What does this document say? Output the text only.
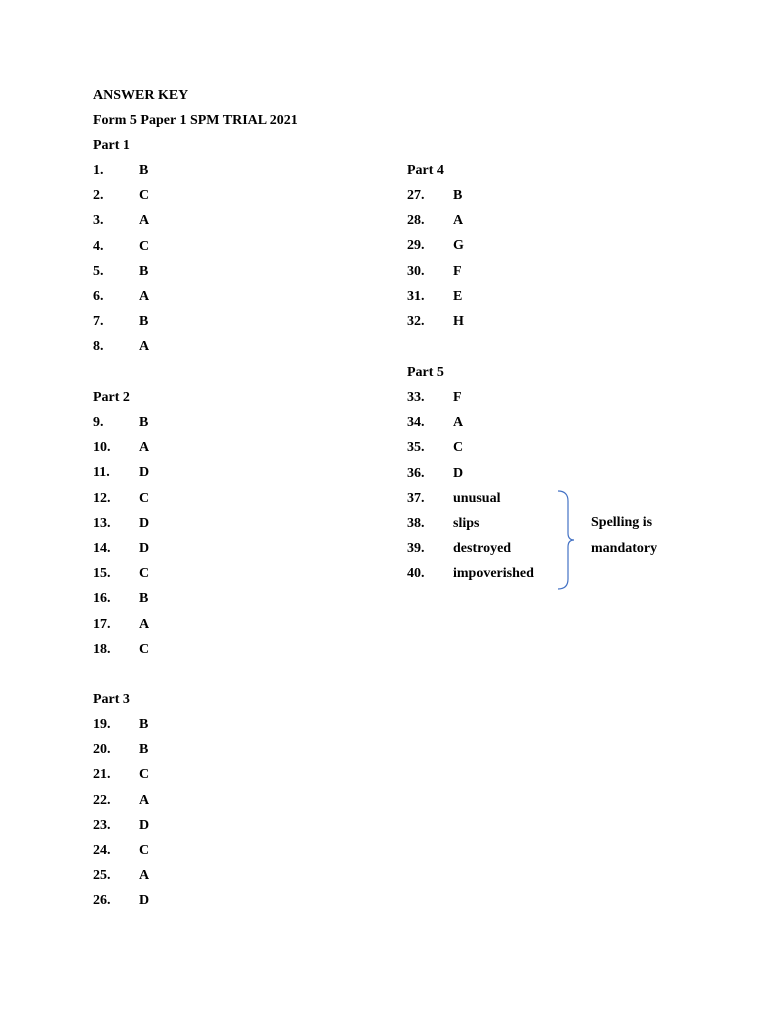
ANSWER KEY
Form 5 Paper 1 SPM TRIAL 2021
Part 1
Part 2
Part 3
Part 4
Part 5
Spelling is
mandatory
1.	B
2.	C
3.	A
4.	C
5.	B
6.	A
7.	B
8.	A
9.	B
10. A
11. D
12. C
13. D
14. D
15. C
16. B
17. A
18. C
19. B
20. B
21. C
22. A
23. D
24. C
25. A
26. D
27. B
28. A
29. G
30. F
31. E
32. H
33. F
34. A
35. C
36. D
37. unusual
38. slips
39. destroyed
40. impoverished
